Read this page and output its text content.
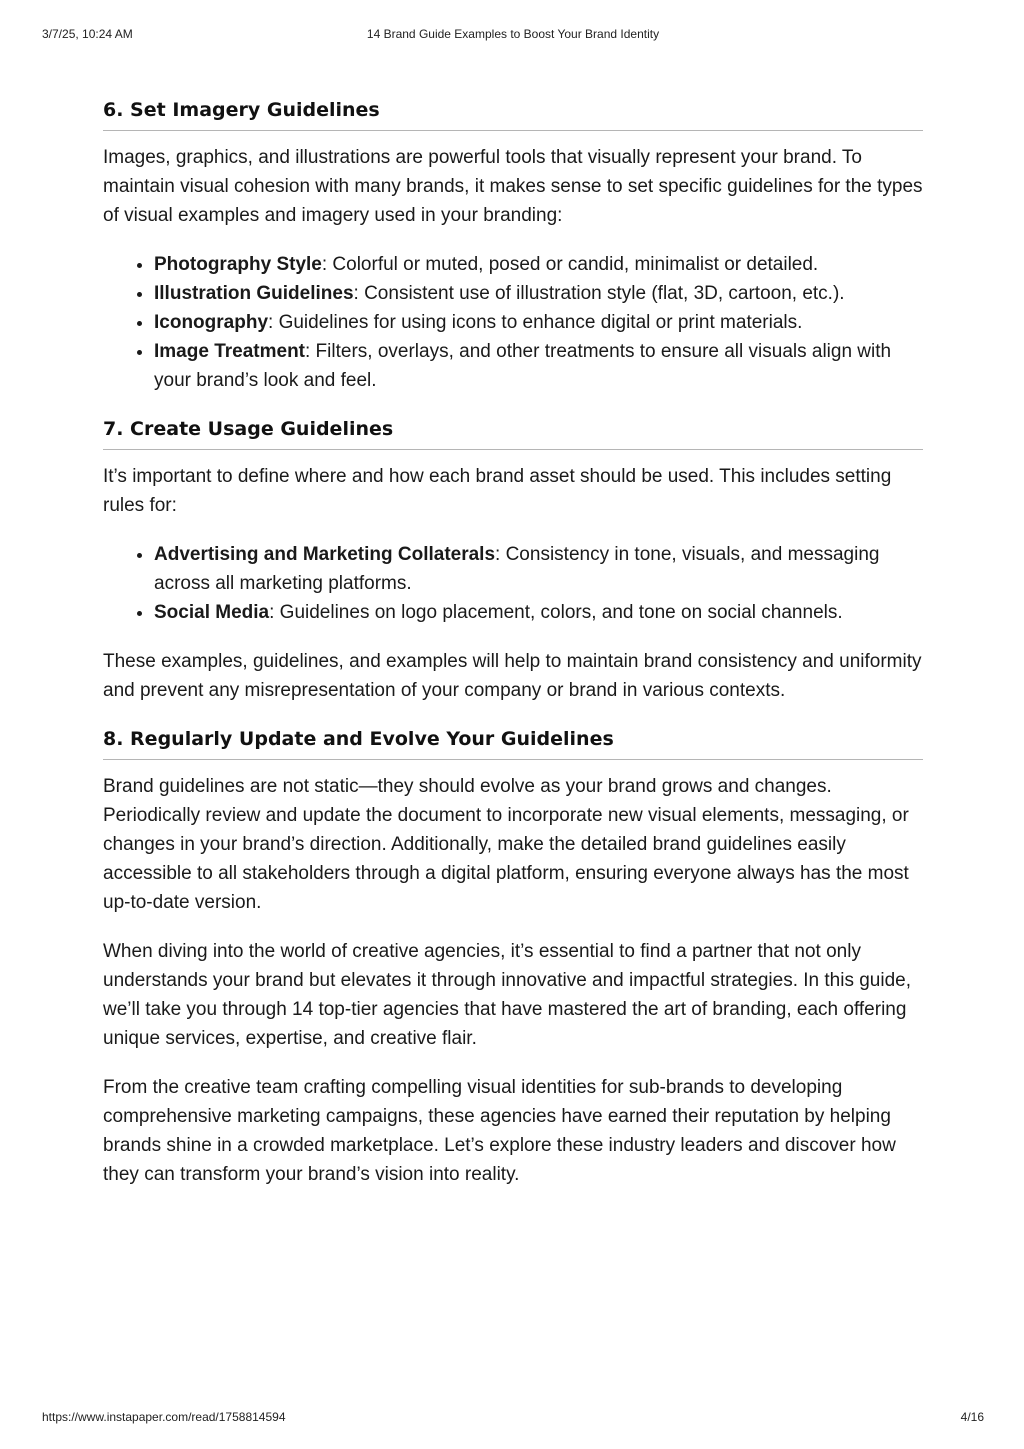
3/7/25, 10:24 AM	14 Brand Guide Examples to Boost Your Brand Identity
6. Set Imagery Guidelines

Images, graphics, and illustrations are powerful tools that visually represent your brand. To maintain visual cohesion with many brands, it makes sense to set specific guidelines for the types of visual examples and imagery used in your branding:

• Photography Style: Colorful or muted, posed or candid, minimalist or detailed.
• Illustration Guidelines: Consistent use of illustration style (flat, 3D, cartoon, etc.).
• Iconography: Guidelines for using icons to enhance digital or print materials.
• Image Treatment: Filters, overlays, and other treatments to ensure all visuals align with your brand’s look and feel.
7. Create Usage Guidelines

It’s important to define where and how each brand asset should be used. This includes setting rules for:

• Advertising and Marketing Collaterals: Consistency in tone, visuals, and messaging across all marketing platforms.
• Social Media: Guidelines on logo placement, colors, and tone on social channels.

These examples, guidelines, and examples will help to maintain brand consistency and uniformity and prevent any misrepresentation of your company or brand in various contexts.

8. Regularly Update and Evolve Your Guidelines

Brand guidelines are not static—they should evolve as your brand grows and changes. Periodically review and update the document to incorporate new visual elements, messaging, or changes in your brand’s direction. Additionally, make the detailed brand guidelines easily accessible to all stakeholders through a digital platform, ensuring everyone always has the most up-to-date version.

When diving into the world of creative agencies, it’s essential to find a partner that not only understands your brand but elevates it through innovative and impactful strategies. In this guide, we’ll take you through 14 top-tier agencies that have mastered the art of branding, each offering unique services, expertise, and creative flair.

From the creative team crafting compelling visual identities for sub-brands to developing comprehensive marketing campaigns, these agencies have earned their reputation by helping brands shine in a crowded marketplace. Let’s explore these industry leaders and discover how they can transform your brand’s vision into reality.

https://www.instapaper.com/read/1758814594	4/16
